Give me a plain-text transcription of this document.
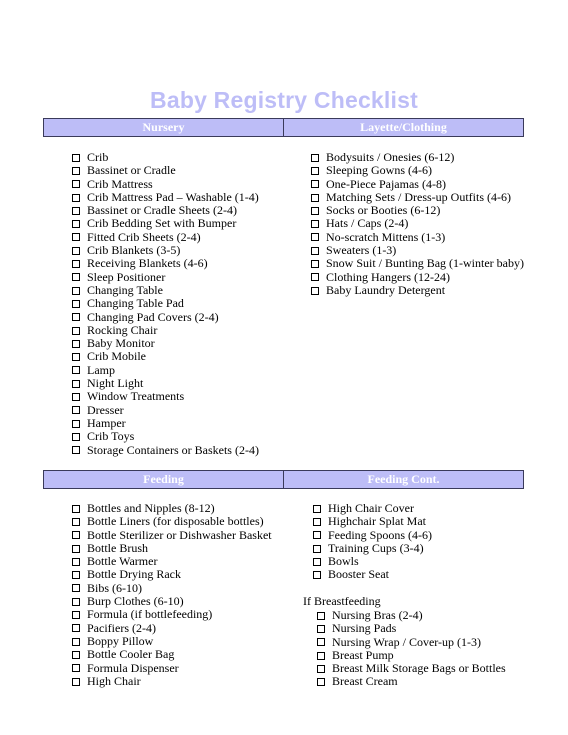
Baby Registry Checklist
Nursery	Layette/Clothing
Crib
Bassinet or Cradle
Crib Mattress
Crib Mattress Pad – Washable (1-4)
Bassinet or Cradle Sheets (2-4)
Crib Bedding Set with Bumper
Fitted Crib Sheets (2-4)
Crib Blankets (3-5)
Receiving Blankets (4-6)
Sleep Positioner
Changing Table
Changing Table Pad
Changing Pad Covers (2-4)
Rocking Chair
Baby Monitor
Crib Mobile
Lamp
Night Light
Window Treatments
Dresser
Hamper
Crib Toys
Storage Containers or Baskets (2-4)
Bodysuits / Onesies (6-12)
Sleeping Gowns (4-6)
One-Piece Pajamas (4-8)
Matching Sets / Dress-up Outfits (4-6)
Socks or Booties (6-12)
Hats / Caps (2-4)
No-scratch Mittens (1-3)
Sweaters (1-3)
Snow Suit / Bunting Bag (1-winter baby)
Clothing Hangers (12-24)
Baby Laundry Detergent
Feeding	Feeding Cont.
Bottles and Nipples (8-12)
Bottle Liners (for disposable bottles)
Bottle Sterilizer or Dishwasher Basket
Bottle Brush
Bottle Warmer
Bottle Drying Rack
Bibs (6-10)
Burp Clothes (6-10)
Formula (if bottlefeeding)
Pacifiers (2-4)
Boppy Pillow
Bottle Cooler Bag
Formula Dispenser
High Chair
High Chair Cover
Highchair Splat Mat
Feeding Spoons (4-6)
Training Cups (3-4)
Bowls
Booster Seat
If Breastfeeding
Nursing Bras (2-4)
Nursing Pads
Nursing Wrap / Cover-up (1-3)
Breast Pump
Breast Milk Storage Bags or Bottles
Breast Cream
